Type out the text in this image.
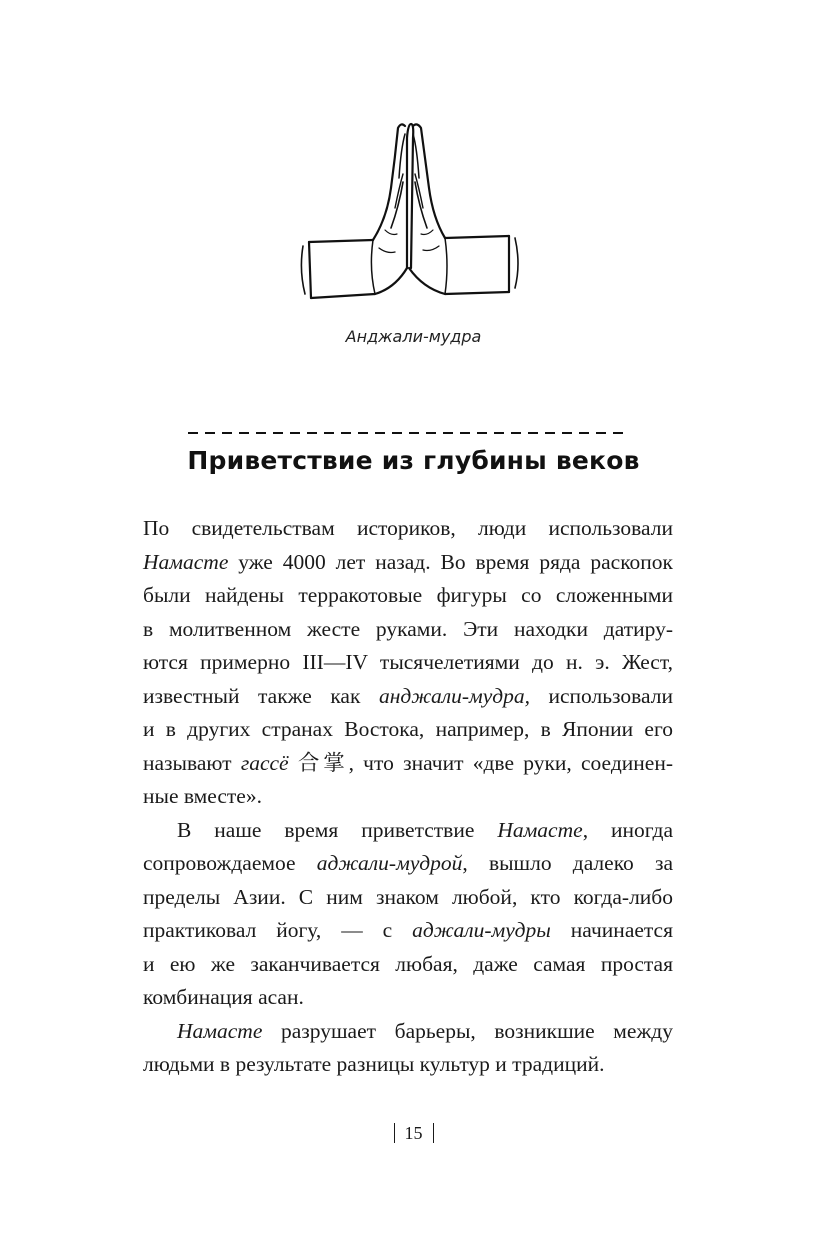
Анджали-мудра
Приветствие из глубины веков
По свидетельствам историков, люди использовали
Намасте уже 4000 лет назад. Во время ряда раскопок
были найдены терракотовые фигуры со сложенными
в молитвенном жесте руками. Эти находки датиру-
ются примерно III—IV тысячелетиями до н. э. Жест,
известный также как анджали-мудра, использовали
и в других странах Востока, например, в Японии его
называют гассё 合掌, что значит «две руки, соединен-
ные вместе».
В наше время приветствие Намасте, иногда
сопровождаемое аджали-мудрой, вышло далеко за
пределы Азии. С ним знаком любой, кто когда-либо
практиковал йогу, — с аджали-мудры начинается
и ею же заканчивается любая, даже самая простая
комбинация асан.
Намасте разрушает барьеры, возникшие между
людьми в результате разницы культур и традиций.
15
